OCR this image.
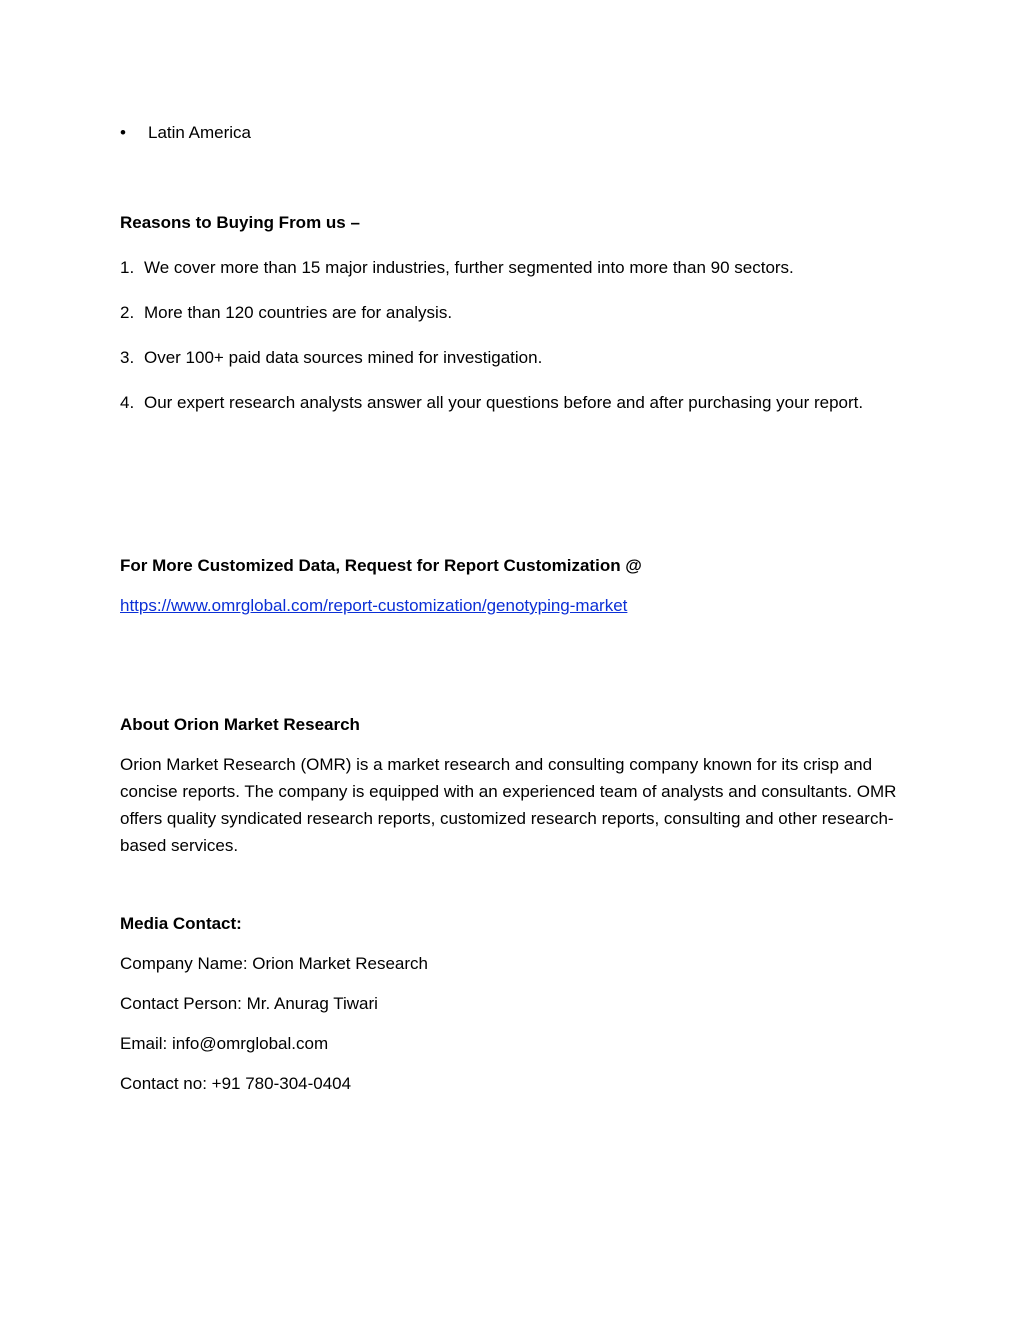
• Latin America
Reasons to Buying From us –
1. We cover more than 15 major industries, further segmented into more than 90 sectors.
2. More than 120 countries are for analysis.
3. Over 100+ paid data sources mined for investigation.
4. Our expert research analysts answer all your questions before and after purchasing your report.
For More Customized Data, Request for Report Customization @
https://www.omrglobal.com/report-customization/genotyping-market
About Orion Market Research
Orion Market Research (OMR) is a market research and consulting company known for its crisp and concise reports. The company is equipped with an experienced team of analysts and consultants. OMR offers quality syndicated research reports, customized research reports, consulting and other research-based services.
Media Contact:
Company Name: Orion Market Research
Contact Person: Mr. Anurag Tiwari
Email: info@omrglobal.com
Contact no: +91 780-304-0404
